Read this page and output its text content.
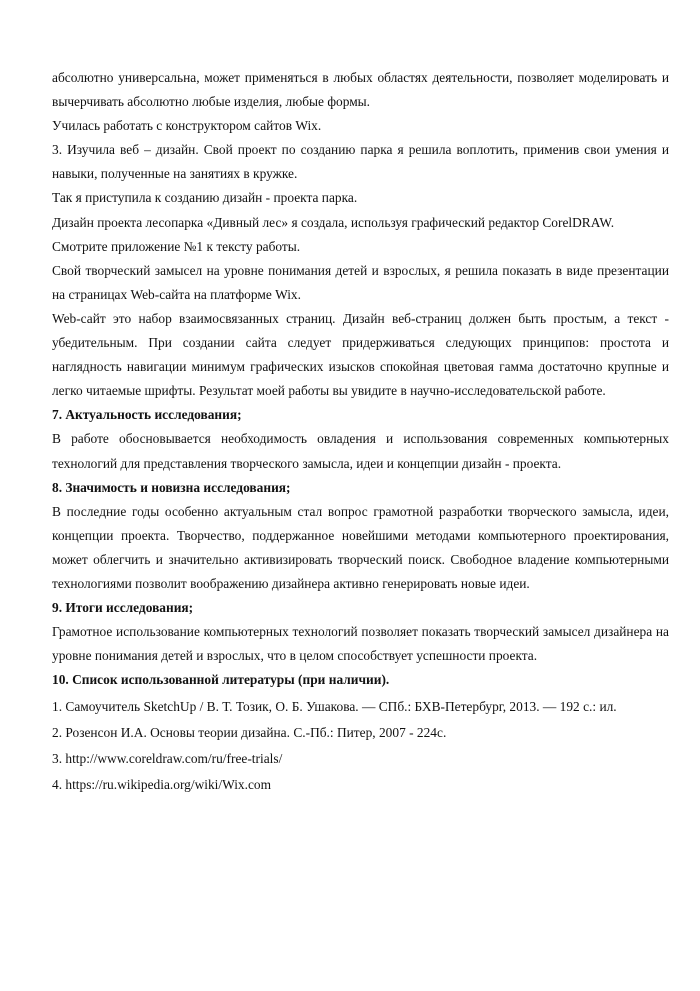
абсолютно универсальна, может применяться в любых областях деятельности, позволяет моделировать и вычерчивать абсолютно любые изделия, любые формы.

Училась работать с конструктором сайтов Wix.

3. Изучила веб – дизайн. Свой проект по созданию парка я решила воплотить, применив свои умения и навыки, полученные на занятиях в кружке.

Так я приступила к созданию дизайн - проекта парка.

Дизайн проекта лесопарка «Дивный лес» я создала, используя графический редактор CorelDRAW.

Смотрите приложение №1 к тексту работы.

Свой творческий замысел на уровне понимания детей и взрослых, я решила показать в виде презентации на страницах Web-сайта на платформе Wix.

Web-сайт это набор взаимосвязанных страниц. Дизайн веб-страниц должен быть простым, а текст - убедительным. При создании сайта следует придерживаться следующих принципов: простота и наглядность навигации минимум графических изысков спокойная цветовая гамма достаточно крупные и легко читаемые шрифты. Результат моей работы вы увидите в научно-исследовательской работе.

7. Актуальность исследования;

В работе обосновывается необходимость овладения и использования современных компьютерных технологий для представления творческого замысла, идеи и концепции дизайн - проекта.

8. Значимость и новизна исследования;

В последние годы особенно актуальным стал вопрос грамотной разработки творческого замысла, идеи, концепции проекта. Творчество, поддержанное новейшими методами компьютерного проектирования, может облегчить и значительно активизировать творческий поиск. Свободное владение компьютерными технологиями позволит воображению дизайнера активно генерировать новые идеи.

9. Итоги исследования;

Грамотное использование компьютерных технологий позволяет показать творческий замысел дизайнера на уровне понимания детей и взрослых, что в целом способствует успешности проекта.

10. Список использованной литературы (при наличии).

1. Самоучитель SketchUp / В. Т. Тозик, О. Б. Ушакова. — СПб.: БХВ-Петербург, 2013. — 192 с.: ил.

2. Розенсон И.А. Основы теории дизайна. С.-Пб.: Питер, 2007 - 224с.

3. http://www.coreldraw.com/ru/free-trials/

4. https://ru.wikipedia.org/wiki/Wix.com
